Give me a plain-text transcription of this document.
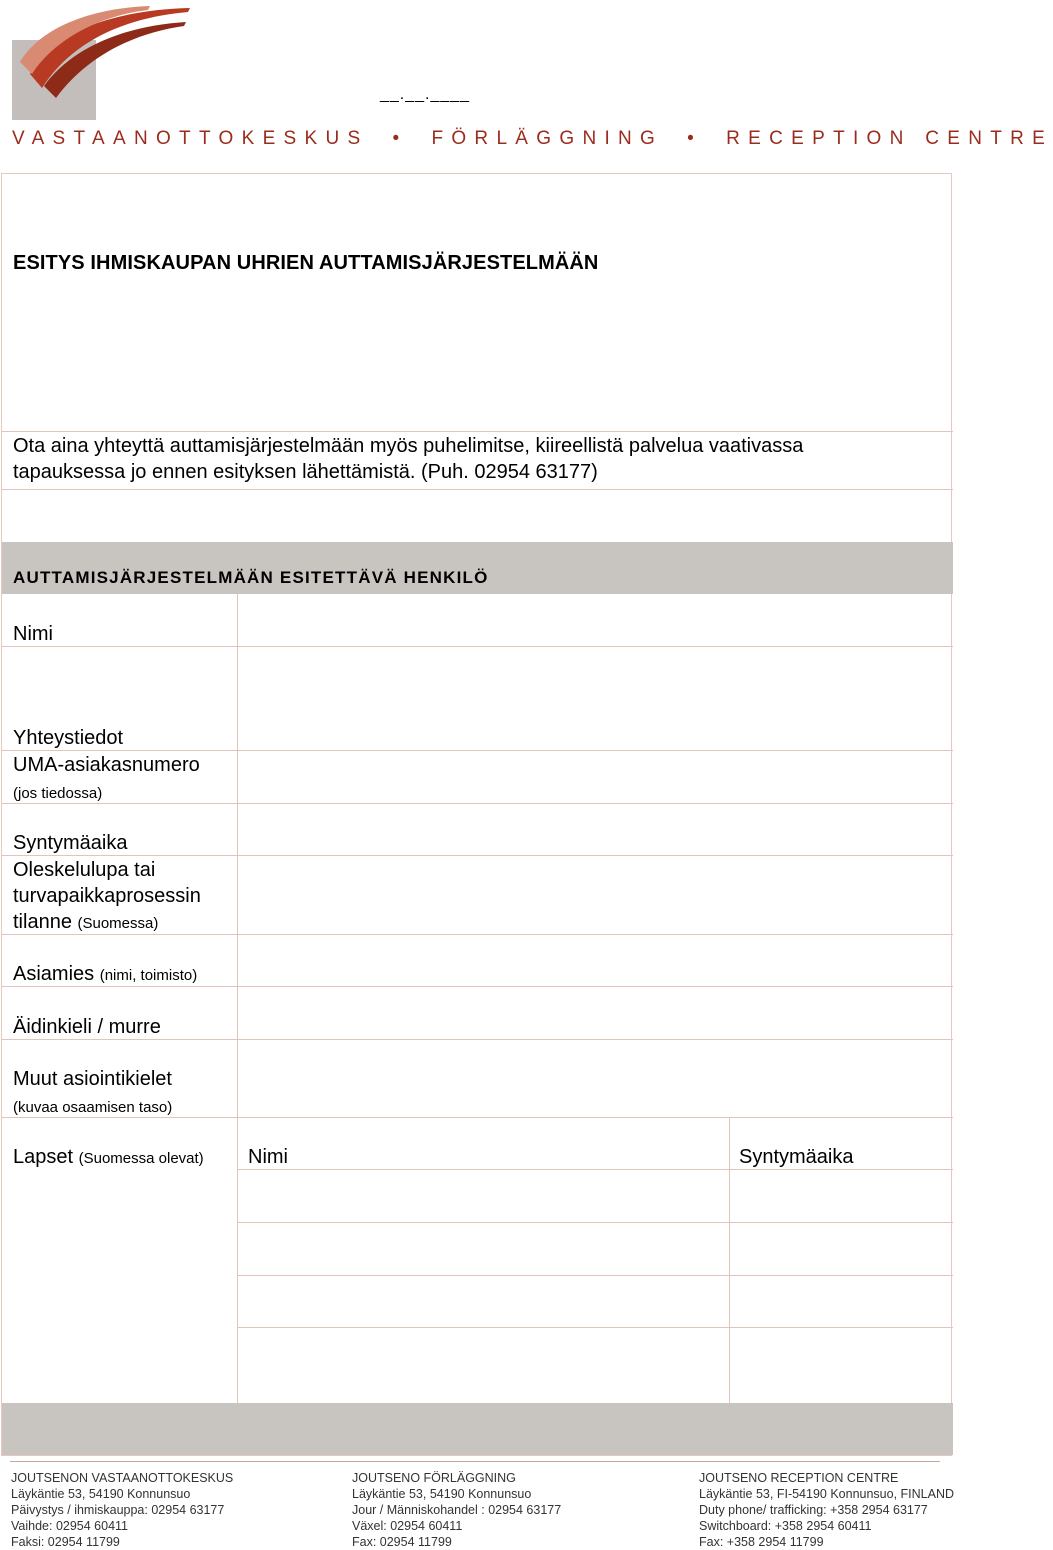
__.__.____
VASTAANOTTOKESKUS • FÖRLÄGGNING • RECEPTION CENTRE
ESITYS IHMISKAUPAN UHRIEN AUTTAMISJÄRJESTELMÄÄN
Ota aina yhteyttä auttamisjärjestelmään myös puhelimitse, kiireellistä palvelua vaativassa
tapauksessa jo ennen esityksen lähettämistä. (Puh. 02954 63177)
AUTTAMISJÄRJESTELMÄÄN ESITETTÄVÄ HENKILÖ
Nimi
Yhteystiedot
UMA-asiakasnumero
(jos tiedossa)
Syntymäaika
Oleskelulupa tai
turvapaikkaprosessin
tilanne (Suomessa)
Asiamies (nimi, toimisto)
Äidinkieli / murre
Muut asiointikielet
(kuvaa osaamisen taso)
Lapset (Suomessa olevat) Nimi	Syntymäaika
JOUTSENON VASTAANOTTOKESKUS
Läykäntie 53, 54190 Konnunsuo
Päivystys / ihmiskauppa: 02954 63177
Vaihde: 02954 60411
Faksi: 02954 11799
JOUTSENO FÖRLÄGGNING
Läykäntie 53, 54190 Konnunsuo
Jour / Människohandel : 02954 63177
Växel: 02954 60411
Fax: 02954 11799
JOUTSENO RECEPTION CENTRE
Läykäntie 53, FI-54190 Konnunsuo, FINLAND
Duty phone/ trafficking: +358 2954 63177
Switchboard: +358 2954 60411
Fax: +358 2954 11799
